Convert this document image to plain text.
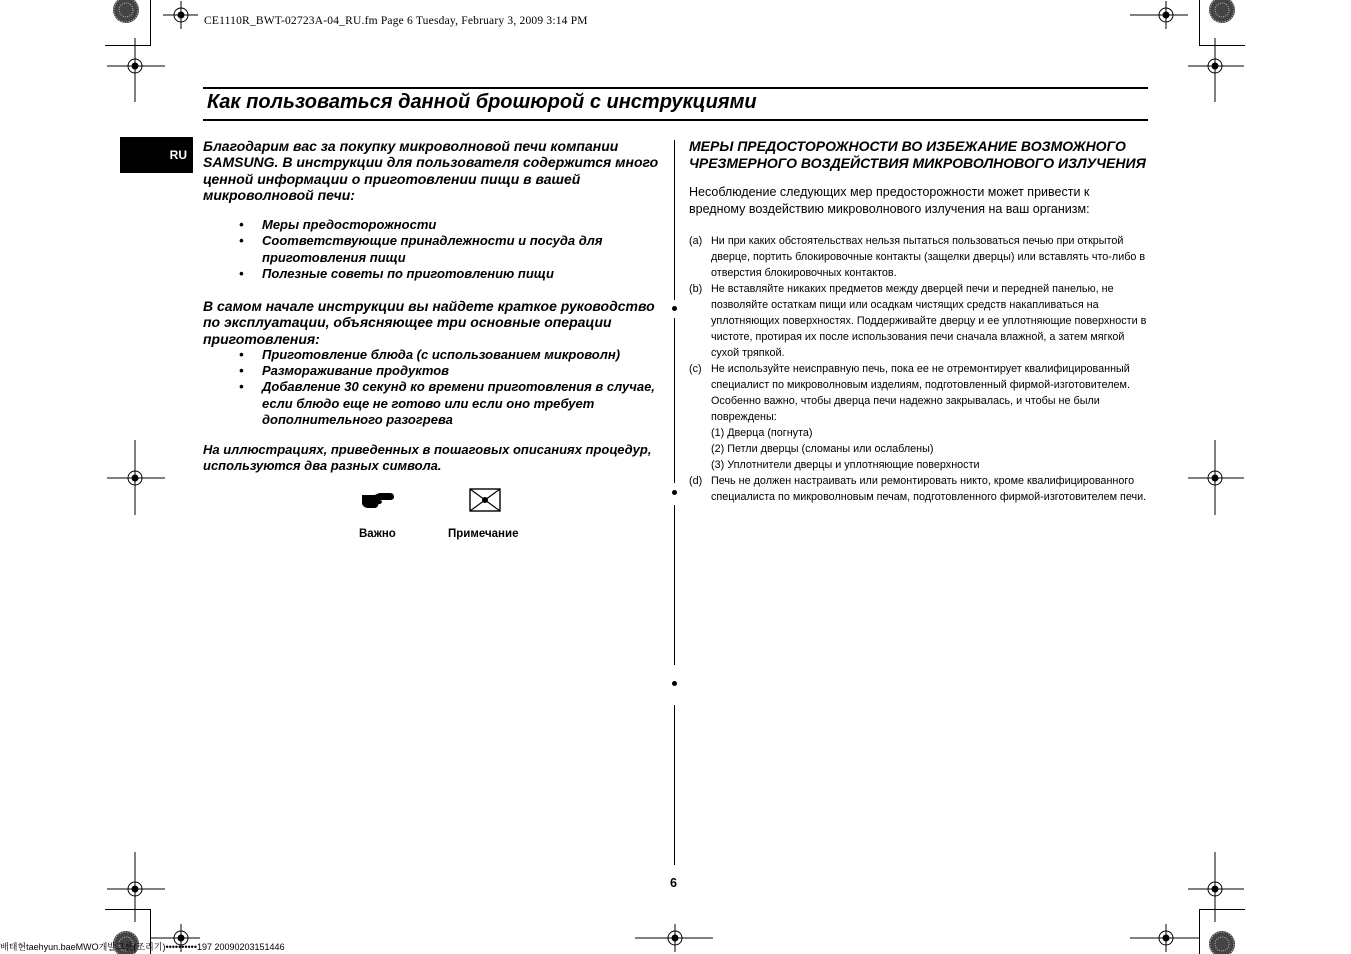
CE1110R_BWT-02723A-04_RU.fm Page 6 Tuesday, February 3, 2009 3:14 PM
Как пользоваться данной брошюрой с инструкциями
RU

Благодарим вас за покупку микроволновой печи компании SAMSUNG. В инструкции для пользователя содержится много ценной информации о приготовлении пищи в вашей микроволновой печи:

• Меры предосторожности
• Соответствующие принадлежности и посуда для приготовления пищи
• Полезные советы по приготовлению пищи

В самом начале инструкции вы найдете краткое руководство по эксплуатации, объясняющее три основные операции приготовления:

• Приготовление блюда (с использованием микроволн)
• Размораживание продуктов
• Добавление 30 секунд ко времени приготовления в случае, если блюдо еще не готово или если оно требует дополнительного разогрева

На иллюстрациях, приведенных в пошаговых описаниях процедур, используются два разных символа.

Важно	Примечание

МЕРЫ ПРЕДОСТОРОЖНОСТИ ВО ИЗБЕЖАНИЕ ВОЗМОЖНОГО ЧРЕЗМЕРНОГО ВОЗДЕЙСТВИЯ МИКРОВОЛНОВОГО ИЗЛУЧЕНИЯ

Несоблюдение следующих мер предосторожности может привести к вредному воздействию микроволнового излучения на ваш организм:

(a) Ни при каких обстоятельствах нельзя пытаться пользоваться печью при открытой дверце, портить блокировочные контакты (защелки дверцы) или вставлять что-либо в отверстия блокировочных контактов.
(b) Не вставляйте никаких предметов между дверцей печи и передней панелью, не позволяйте остаткам пищи или осадкам чистящих средств накапливаться на уплотняющих поверхностях. Поддерживайте дверцу и ее уплотняющие поверхности в чистоте, протирая их после использования печи сначала влажной, а затем мягкой сухой тряпкой.
(c) Не используйте неисправную печь, пока ее не отремонтирует квалифицированный специалист по микроволновым изделиям, подготовленный фирмой-изготовителем.
Особенно важно, чтобы дверца печи надежно закрывалась, и чтобы не были повреждены:
(1) Дверца (погнута)
(2) Петли дверцы (сломаны или ослаблены)
(3) Уплотнители дверцы и уплотняющие поверхности
(d) Печь не должен настраивать или ремонтировать никто, кроме квалифицированного специалиста по микроволновым печам, подготовленного фирмой-изготовителем печи.
6
배태현taehyun.baeMWO개발그룹(조리기)••••••••••197 20090203151446
